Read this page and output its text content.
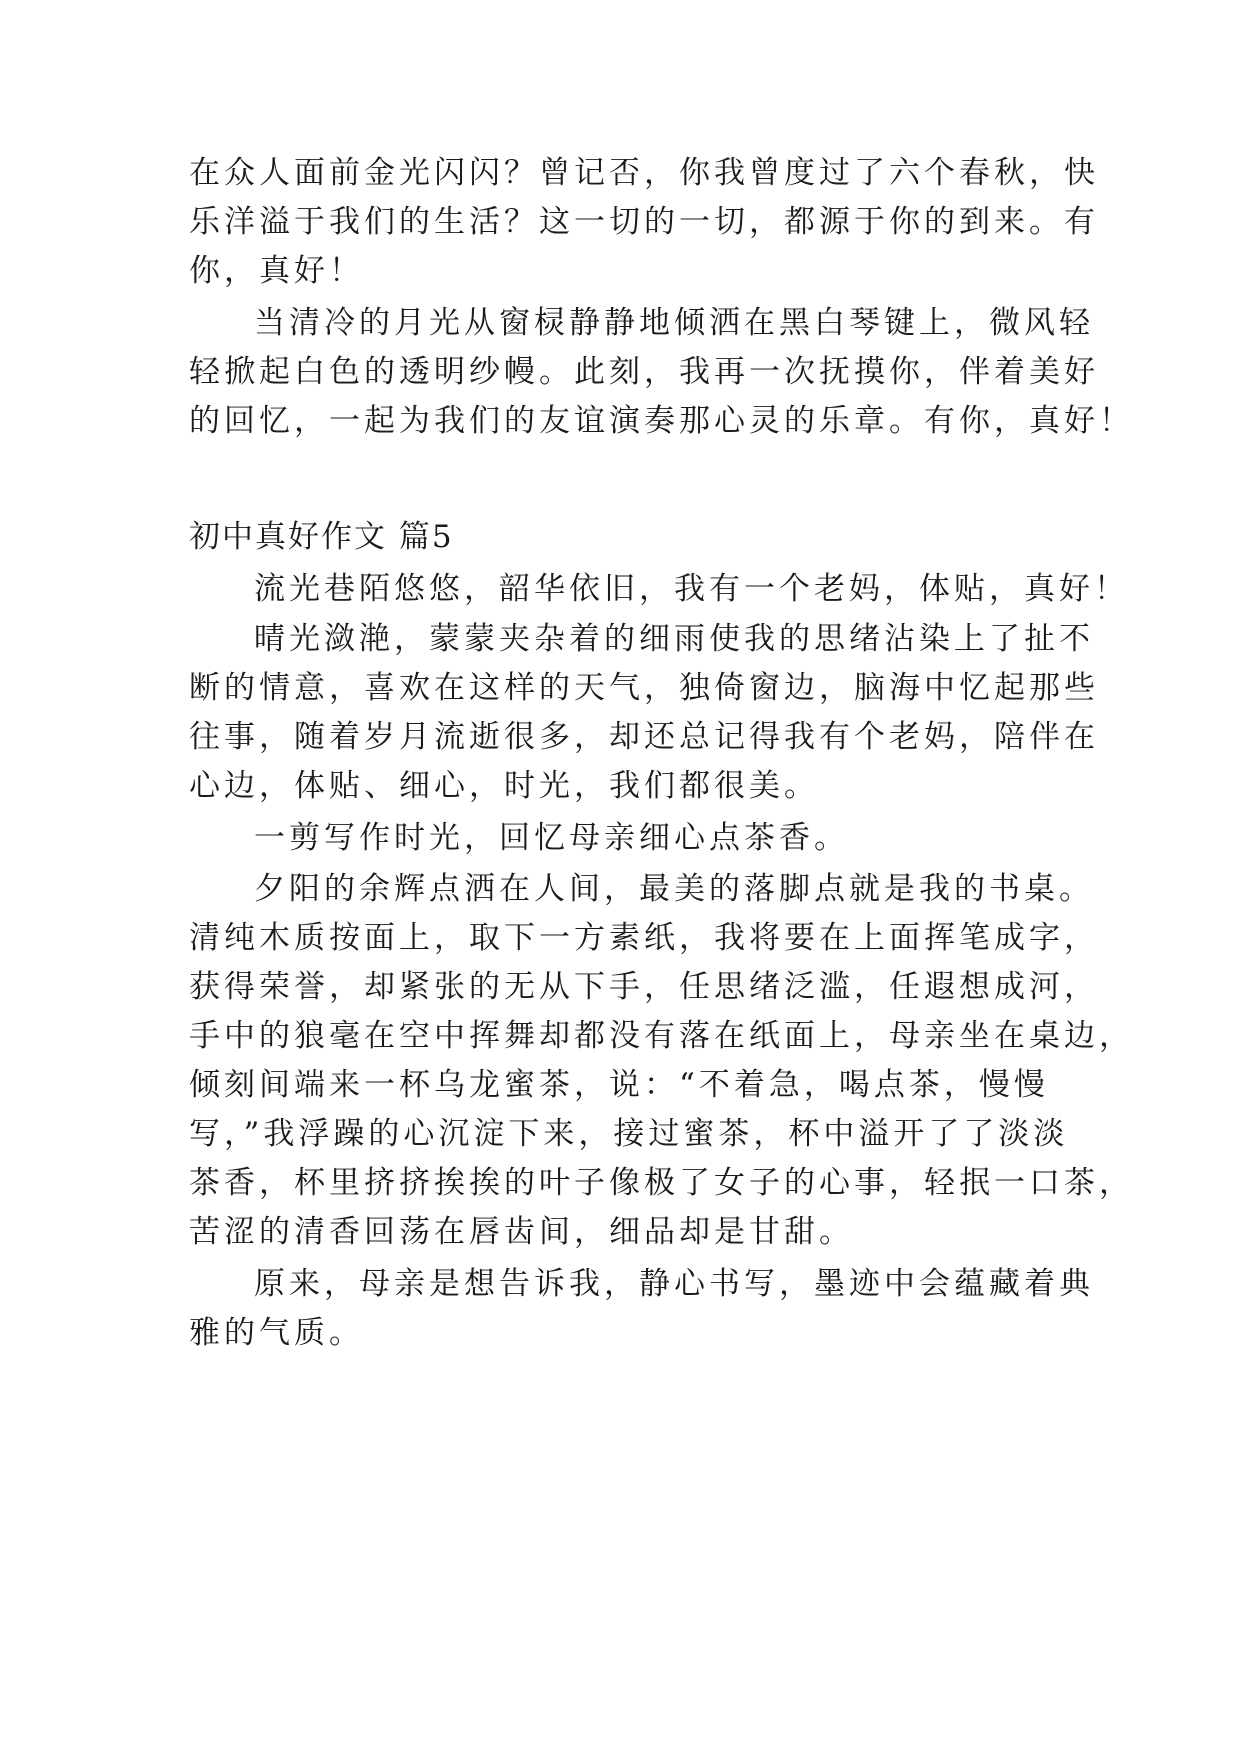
在众人面前金光闪闪？曾记否，你我曾度过了六个春秋，快
乐洋溢于我们的生活？这一切的一切，都源于你的到来。有
你，真好！
当清冷的月光从窗棂静静地倾洒在黑白琴键上，微风轻
轻掀起白色的透明纱幔。此刻，我再一次抚摸你，伴着美好
的回忆，一起为我们的友谊演奏那心灵的乐章。有你，真好！
初中真好作文 篇5
流光巷陌悠悠，韶华依旧，我有一个老妈，体贴，真好！
晴光潋滟，蒙蒙夹杂着的细雨使我的思绪沾染上了扯不
断的情意，喜欢在这样的天气，独倚窗边，脑海中忆起那些
往事，随着岁月流逝很多，却还总记得我有个老妈，陪伴在
心边，体贴、细心，时光，我们都很美。
一剪写作时光，回忆母亲细心点茶香。
夕阳的余辉点洒在人间，最美的落脚点就是我的书桌。
清纯木质按面上，取下一方素纸，我将要在上面挥笔成字，
获得荣誉，却紧张的无从下手，任思绪泛滥，任遐想成河，
手中的狼毫在空中挥舞却都没有落在纸面上，母亲坐在桌边，
倾刻间端来一杯乌龙蜜茶，说：“不着急，喝点茶，慢慢
写，”我浮躁的心沉淀下来，接过蜜茶，杯中溢开了了淡淡
茶香，杯里挤挤挨挨的叶子像极了女子的心事，轻抿一口茶，
苦涩的清香回荡在唇齿间，细品却是甘甜。
原来，母亲是想告诉我，静心书写，墨迹中会蕴藏着典
雅的气质。
